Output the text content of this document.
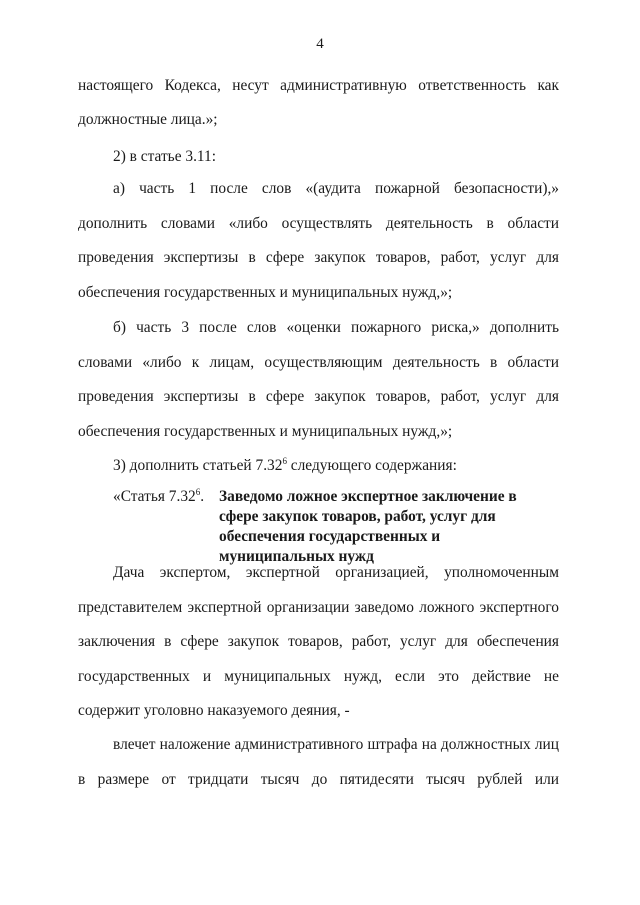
4

настоящего Кодекса, несут административную ответственность как

должностные лица.»;

2) в статье 3.11:

а) часть 1 после слов «(аудита пожарной безопасности),» дополнить словами «либо осуществлять деятельность в области проведения экспертизы в сфере закупок товаров, работ, услуг для обеспечения государственных и муниципальных нужд,»;

б) часть 3 после слов «оценки пожарного риска,» дополнить словами «либо к лицам, осуществляющим деятельность в области проведения экспертизы в сфере закупок товаров, работ, услуг для обеспечения государственных и муниципальных нужд,»;

3) дополнить статьей 7.32$^6$ следующего содержания:

«Статья 7.32$^6$. Заведомо ложное экспертное заключение в сфере закупок товаров, работ, услуг для обеспечения государственных и муниципальных нужд

Дача экспертом, экспертной организацией, уполномоченным представителем экспертной организации заведомо ложного экспертного заключения в сфере закупок товаров, работ, услуг для обеспечения государственных и муниципальных нужд, если это действие не содержит уголовно наказуемого деяния, -

влечет наложение административного штрафа на должностных лиц в размере от тридцати тысяч до пятидесяти тысяч рублей или
